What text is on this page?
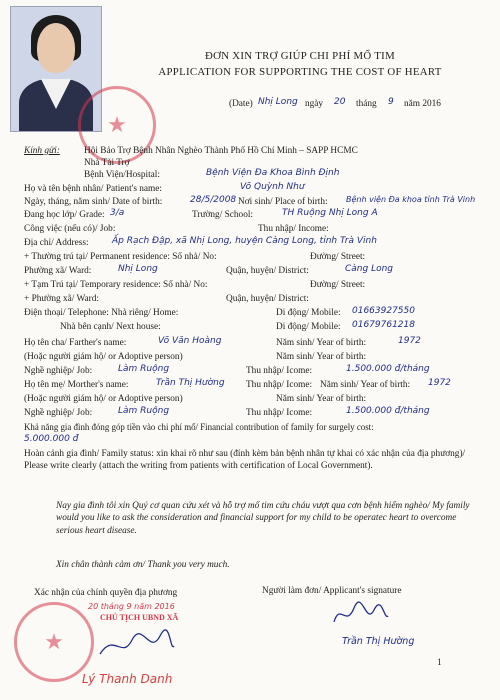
★
ĐƠN XIN TRỢ GIÚP CHI PHÍ MỔ TIM
APPLICATION FOR SUPPORTING THE COST OF HEART
(Date) Nhị Long ngày 20 tháng 9 năm 2016
Kính gửi:	Hội Bảo Trợ Bệnh Nhân Nghèo Thành Phố Hồ Chí Minh – SAPP HCMC
Nhà Tài Trợ
Bệnh Viện/Hospital:	Bệnh Viện Đa Khoa Bình Định
Họ và tên bệnh nhân/ Patient's name:	Võ Quỳnh Như
Ngày, tháng, năm sinh/ Date of birth:	28/5/2008 Nơi sinh/ Place of birth: Bệnh viện Đa khoa tỉnh Trà Vinh
Đang học lớp/ Grade: 3/a	Trường/ School:	TH Ruộng Nhị Long A
Công việc (nếu có)/ Job:	Thu nhập/ Income:
Địa chỉ/ Address:	Ấp Rạch Đập, xã Nhị Long, huyện Càng Long, tỉnh Trà Vinh
+ Thường trú tại/ Permanent residence: Số nhà/ No:	Đường/ Street:
Phường xã/ Ward:	Nhị Long	Quận, huyện/ District:	Càng Long
+ Tạm Trú tại/ Temporary residence: Số nhà/ No:	Đường/ Street:
+ Phường xã/ Ward:	Quận, huyện/ District:
Điện thoại/ Telephone: Nhà riêng/ Home:	Di động/ Mobile: 01663927550
Nhà bên cạnh/ Next house:	Di động/ Mobile: 01679761218
Họ tên cha/ Farther's name:	Võ Văn Hoàng	Năm sinh/ Year of birth:	1972
(Hoặc người giám hộ/ or Adoptive person)	Năm sinh/ Year of birth:
Nghề nghiệp/ Job:	Làm Ruộng	Thu nhập/ Icome:	1.500.000 đ/tháng
Họ tên mẹ/ Morther's name:	Trần Thị Hường Thu nhập/ Icome: Năm sinh/ Year of birth: 1972
(Hoặc người giám hộ/ or Adoptive person)	Năm sinh/ Year of birth:
Nghề nghiệp/ Job:	Làm Ruộng	Thu nhập/ Icome:	1.500.000 đ/tháng
Khả năng gia đình đóng góp tiền vào chi phí mổ/ Financial contribution of family for surgely cost:
5.000.000 đ
Hoàn cảnh gia đình/ Family status: xin khai rõ như sau (đính kèm bản bệnh nhân tự khai có xác nhận của địa phương)/ Please write clearly (attach the writing from patients with certification of Local Government).
Nay gia đình tôi xin Quý cơ quan cứu xét và hỗ trợ mổ tim cứu cháu vượt qua cơn bệnh hiểm nghèo/ My family would you like to ask the consideration and financial support for my child to be operatec heart to overcome serious heart disease.
Xin chân thành cảm ơn/ Thank you very much.
Xác nhận của chính quyền địa phương	Người làm đơn/ Applicant's signature
★
20 tháng 9 năm 2016
CHỦ TỊCH UBND XÃ
Lý Thanh Danh
Trần Thị Hường
1
